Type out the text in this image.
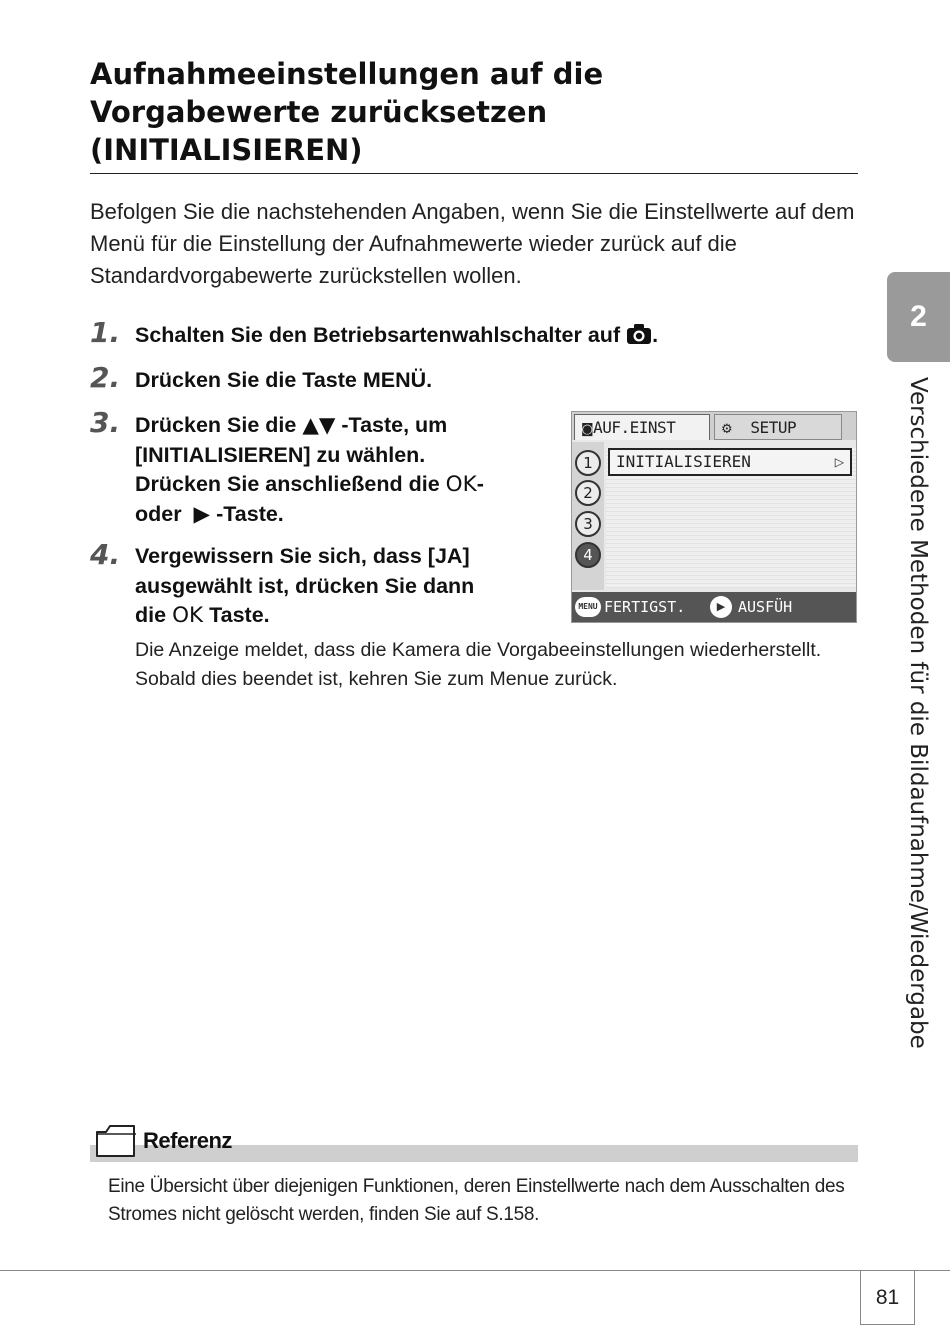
Aufnahmeeinstellungen auf die
Vorgabewerte zurücksetzen
(INITIALISIEREN)
Befolgen Sie die nachstehenden Angaben, wenn Sie die Einstellwerte auf dem Menü für die Einstellung der Aufnahmewerte wieder zurück auf die Standardvorgabewerte zurückstellen wollen.
1. Schalten Sie den Betriebsartenwahlschalter auf .
2. Drücken Sie die Taste MENÜ.
3. Drücken Sie die ▲▼ -Taste, um
[INITIALISIEREN] zu wählen.
Drücken Sie anschließend die OK-
oder ▶ -Taste.
4. Vergewissern Sie sich, dass [JA]
ausgewählt ist, drücken Sie dann
die OK Taste.
Die Anzeige meldet, dass die Kamera die Vorgabeeinstellungen wiederherstellt. Sobald dies beendet ist, kehren Sie zum Menue zurück.
◙AUF.EINST	⚙ SETUP
1
2
3
4
INITIALISIEREN	▷
MENU FERTIGST.	▶ AUSFÜH
2
Verschiedene Methoden für die Bildaufnahme/Wiedergabe
Referenz
Eine Übersicht über diejenigen Funktionen, deren Einstellwerte nach dem Ausschalten des Stromes nicht gelöscht werden, finden Sie auf S.158.
81
